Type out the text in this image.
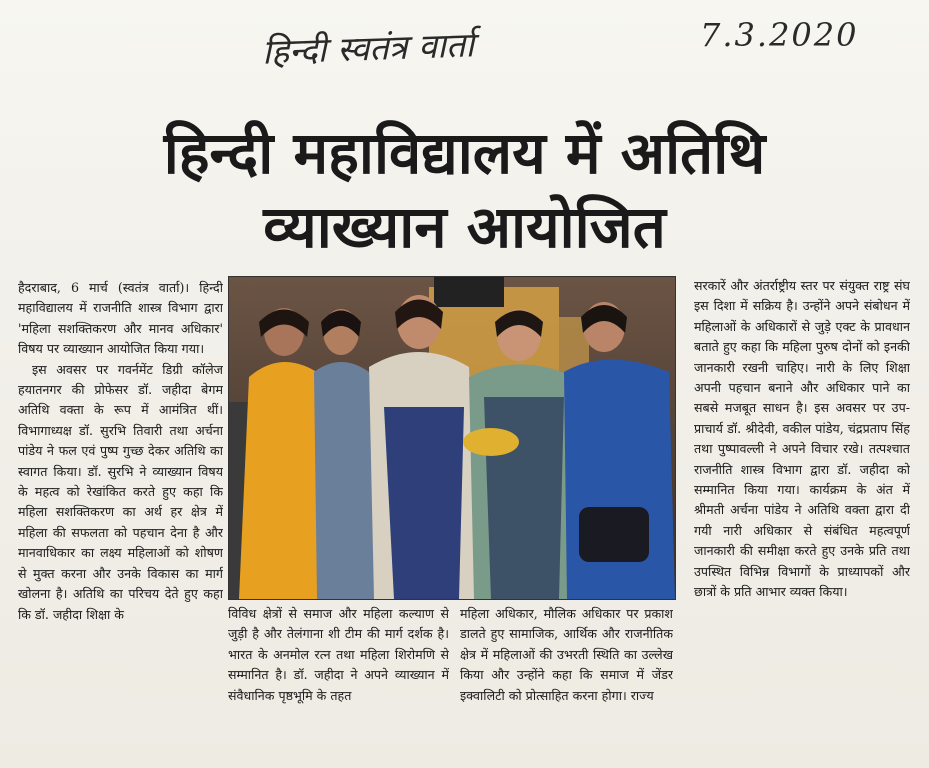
हिन्दी स्वतंत्र वार्ता	7.3.2020
हिन्दी महाविद्यालय में अतिथि
व्याख्यान आयोजित

हैदराबाद, 6 मार्च (स्वतंत्र वार्ता)। हिन्दी महाविद्यालय में राजनीति शास्त्र विभाग द्वारा 'महिला सशक्तिकरण और मानव अधिकार' विषय पर व्याख्यान आयोजित किया गया।

इस अवसर पर गवर्नमेंट डिग्री कॉलेज हयातनगर की प्रोफेसर डॉ. जहीदा बेगम अतिथि वक्ता के रूप में आमंत्रित थीं। विभागाध्यक्ष डॉ. सुरभि तिवारी तथा अर्चना पांडेय ने फल एवं पुष्प गुच्छ देकर अतिथि का स्वागत किया। डॉ. सुरभि ने व्याख्यान विषय के महत्व को रेखांकित करते हुए कहा कि महिला सशक्तिकरण का अर्थ हर क्षेत्र में महिला की सफलता को पहचान देना है और मानवाधिकार का लक्ष्य महिलाओं को शोषण से मुक्त करना और उनके विकास का मार्ग खोलना है। अतिथि का परिचय देते हुए कहा कि डॉ. जहीदा शिक्षा के	विविध क्षेत्रों से समाज और महिला कल्याण से जुड़ी है और तेलंगाना शी टीम की मार्ग दर्शक है। भारत के अनमोल रत्न तथा महिला शिरोमणि से सम्मानित है। डॉ. जहीदा ने अपने व्याख्यान में संवैधानिक पृष्ठभूमि के तहत

महिला अधिकार, मौलिक अधिकार पर प्रकाश डालते हुए सामाजिक, आर्थिक और राजनीतिक क्षेत्र में महिलाओं की उभरती स्थिति का उल्लेख किया और उन्होंने कहा कि समाज में जेंडर इक्वालिटी को प्रोत्साहित करना होगा। राज्य

सरकारें और अंतर्राष्ट्रीय स्तर पर संयुक्त राष्ट्र संघ इस दिशा में सक्रिय है। उन्होंने अपने संबोधन में महिलाओं के अधिकारों से जुड़े एक्ट के प्रावधान बताते हुए कहा कि महिला पुरुष दोनों को इनकी जानकारी रखनी चाहिए। नारी के लिए शिक्षा अपनी पहचान बनाने और अधिकार पाने का सबसे मजबूत साधन है। इस अवसर पर उप-प्राचार्य डॉ. श्रीदेवी, वकील पांडेय, चंद्रप्रताप सिंह तथा पुष्पावल्ली ने अपने विचार रखे। तत्पश्चात राजनीति शास्त्र विभाग द्वारा डॉ. जहीदा को सम्मानित किया गया। कार्यक्रम के अंत में श्रीमती अर्चना पांडेय ने अतिथि वक्ता द्वारा दी गयी नारी अधिकार से संबंधित महत्वपूर्ण जानकारी की समीक्षा करते हुए उनके प्रति तथा उपस्थित विभिन्न विभागों के प्राध्यापकों और छात्रों के प्रति आभार व्यक्त किया।
